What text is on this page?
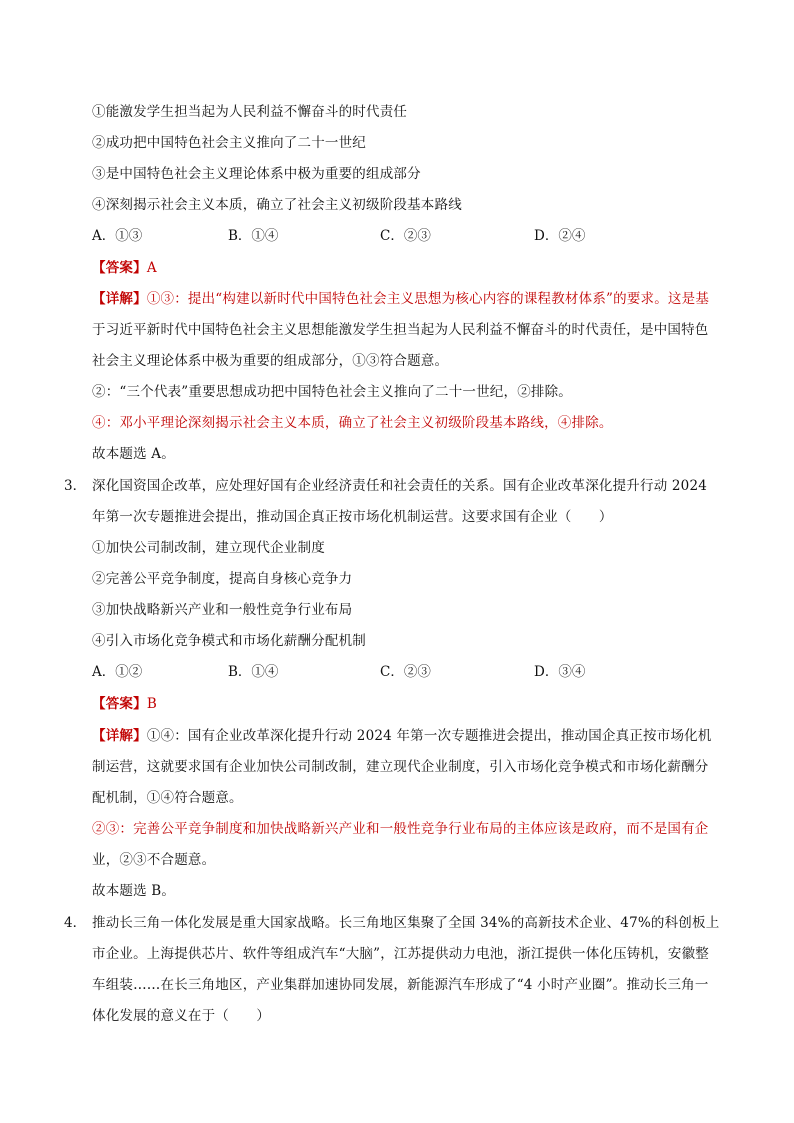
①能激发学生担当起为人民利益不懈奋斗的时代责任
②成功把中国特色社会主义推向了二十一世纪
③是中国特色社会主义理论体系中极为重要的组成部分
④深刻揭示社会主义本质，确立了社会主义初级阶段基本路线
A．①③	B．①④	C．②③	D．②④
【答案】A
【详解】①③：提出“构建以新时代中国特色社会主义思想为核心内容的课程教材体系”的要求。这是基
于习近平新时代中国特色社会主义思想能激发学生担当起为人民利益不懈奋斗的时代责任，是中国特色
社会主义理论体系中极为重要的组成部分，①③符合题意。
②：“三个代表”重要思想成功把中国特色社会主义推向了二十一世纪，②排除。
④：邓小平理论深刻揭示社会主义本质，确立了社会主义初级阶段基本路线，④排除。
故本题选 A。
3． 深化国资国企改革，应处理好国有企业经济责任和社会责任的关系。国有企业改革深化提升行动 2024
年第一次专题推进会提出，推动国企真正按市场化机制运营。这要求国有企业（　　）
①加快公司制改制，建立现代企业制度
②完善公平竞争制度，提高自身核心竞争力
③加快战略新兴产业和一般性竞争行业布局
④引入市场化竞争模式和市场化薪酬分配机制
A．①②	B．①④	C．②③	D．③④
【答案】B
【详解】①④：国有企业改革深化提升行动 2024 年第一次专题推进会提出，推动国企真正按市场化机
制运营，这就要求国有企业加快公司制改制，建立现代企业制度，引入市场化竞争模式和市场化薪酬分
配机制，①④符合题意。
②③：完善公平竞争制度和加快战略新兴产业和一般性竞争行业布局的主体应该是政府，而不是国有企
业，②③不合题意。
故本题选 B。
4． 推动长三角一体化发展是重大国家战略。长三角地区集聚了全国 34%的高新技术企业、47%的科创板上
市企业。上海提供芯片、软件等组成汽车“大脑”，江苏提供动力电池，浙江提供一体化压铸机，安徽整
车组装……在长三角地区，产业集群加速协同发展，新能源汽车形成了“4 小时产业圈”。推动长三角一
体化发展的意义在于（　　）
